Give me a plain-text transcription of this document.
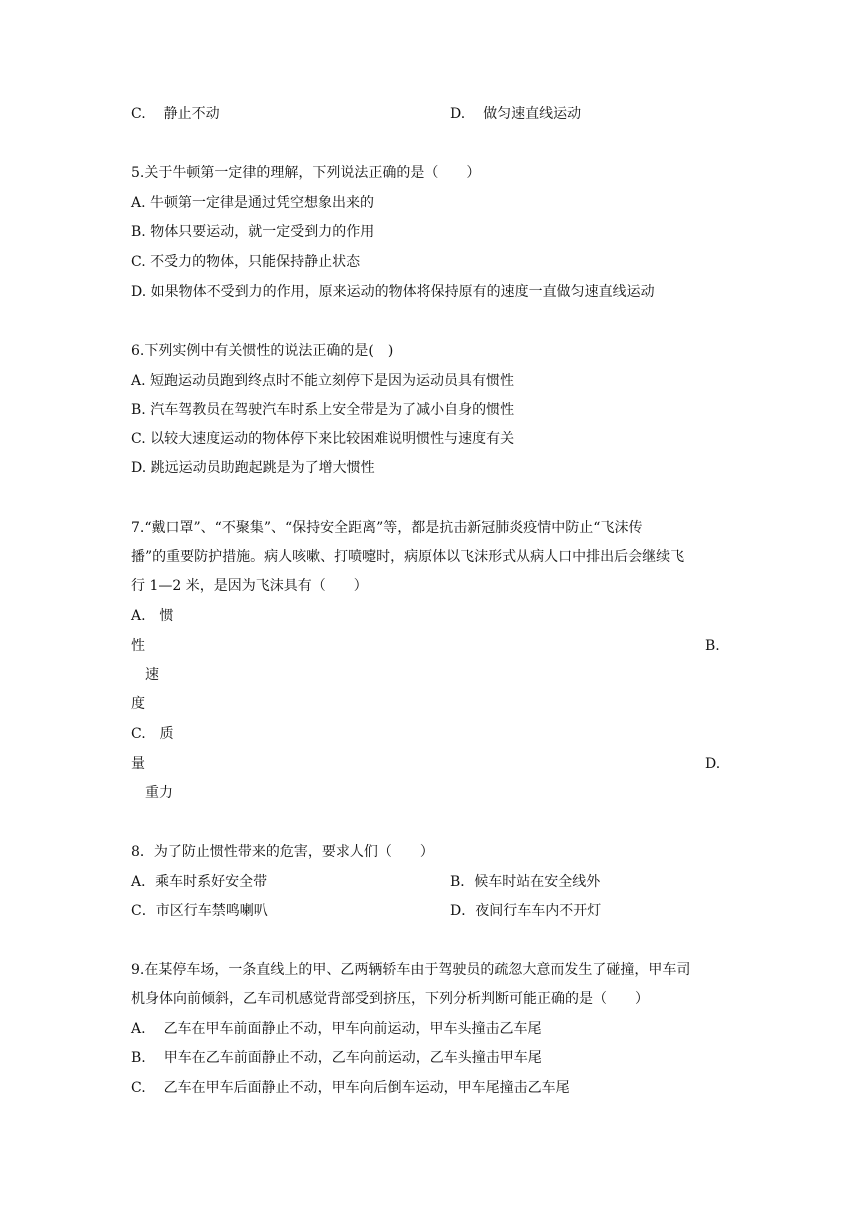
C. 静止不动	D. 做匀速直线运动
5.关于牛顿第一定律的理解，下列说法正确的是（　　）
A. 牛顿第一定律是通过凭空想象出来的
B. 物体只要运动，就一定受到力的作用
C. 不受力的物体，只能保持静止状态
D. 如果物体不受到力的作用，原来运动的物体将保持原有的速度一直做匀速直线运动
6.下列实例中有关惯性的说法正确的是(　)
A. 短跑运动员跑到终点时不能立刻停下是因为运动员具有惯性
B. 汽车驾教员在驾驶汽车时系上安全带是为了减小自身的惯性
C. 以较大速度运动的物体停下来比较困难说明惯性与速度有关
D. 跳远运动员助跑起跳是为了增大惯性
7.“戴口罩”、“不聚集”、“保持安全距离”等，都是抗击新冠肺炎疫情中防止“飞沫传
播”的重要防护措施。病人咳嗽、打喷嚏时，病原体以飞沫形式从病人口中排出后会继续飞
行 1—2 米，是因为飞沫具有（　　）
A.　惯
性	B.
速
度
C.　质
量	D.
重力
8．为了防止惯性带来的危害，要求人们（　　）
A．乘车时系好安全带	B．候车时站在安全线外
C．市区行车禁鸣喇叭	D．夜间行车车内不开灯
9.在某停车场，一条直线上的甲、乙两辆轿车由于驾驶员的疏忽大意而发生了碰撞，甲车司
机身体向前倾斜，乙车司机感觉背部受到挤压，下列分析判断可能正确的是（　　）
A. 乙车在甲车前面静止不动，甲车向前运动，甲车头撞击乙车尾
B. 甲车在乙车前面静止不动，乙车向前运动，乙车头撞击甲车尾
C. 乙车在甲车后面静止不动，甲车向后倒车运动，甲车尾撞击乙车尾
